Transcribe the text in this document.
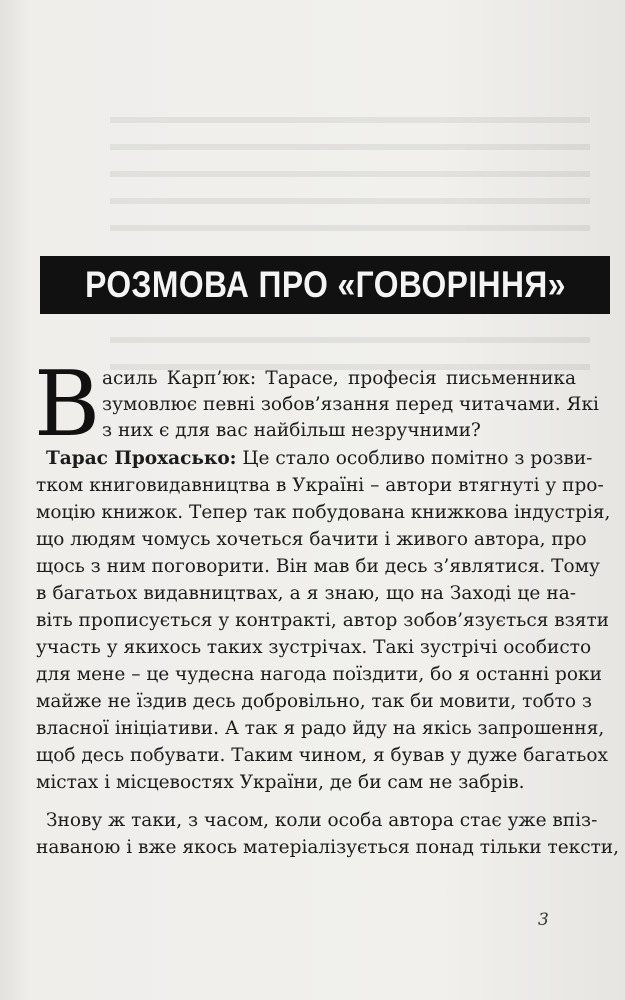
РОЗМОВА ПРО «ГОВОРІННЯ»
В асиль Карп’юк: Тарасе, професія письменника
зумовлює певні зобов’язання перед читачами. Які
з них є для вас найбільш незручними?
Тарас Прохасько: Це стало особливо помітно з розви-
тком книговидавництва в Україні – автори втягнуті у про-
моцію книжок. Тепер так побудована книжкова індустрія,
що людям чомусь хочеться бачити і живого автора, про
щось з ним поговорити. Він мав би десь з’являтися. Тому
в багатьох видавництвах, а я знаю, що на Заході це на-
віть прописується у контракті, автор зобов’язується взяти
участь у якихось таких зустрічах. Такі зустрічі особисто
для мене – це чудесна нагода поїздити, бо я останні роки
майже не їздив десь добровільно, так би мовити, тобто з
власної ініціативи. А так я радо йду на якісь запрошення,
щоб десь побувати. Таким чином, я бував у дуже багатьох
містах і місцевостях України, де би сам не забрів.
Знову ж таки, з часом, коли особа автора стає уже впіз-
наваною і вже якось матеріалізується понад тільки тексти,
3
